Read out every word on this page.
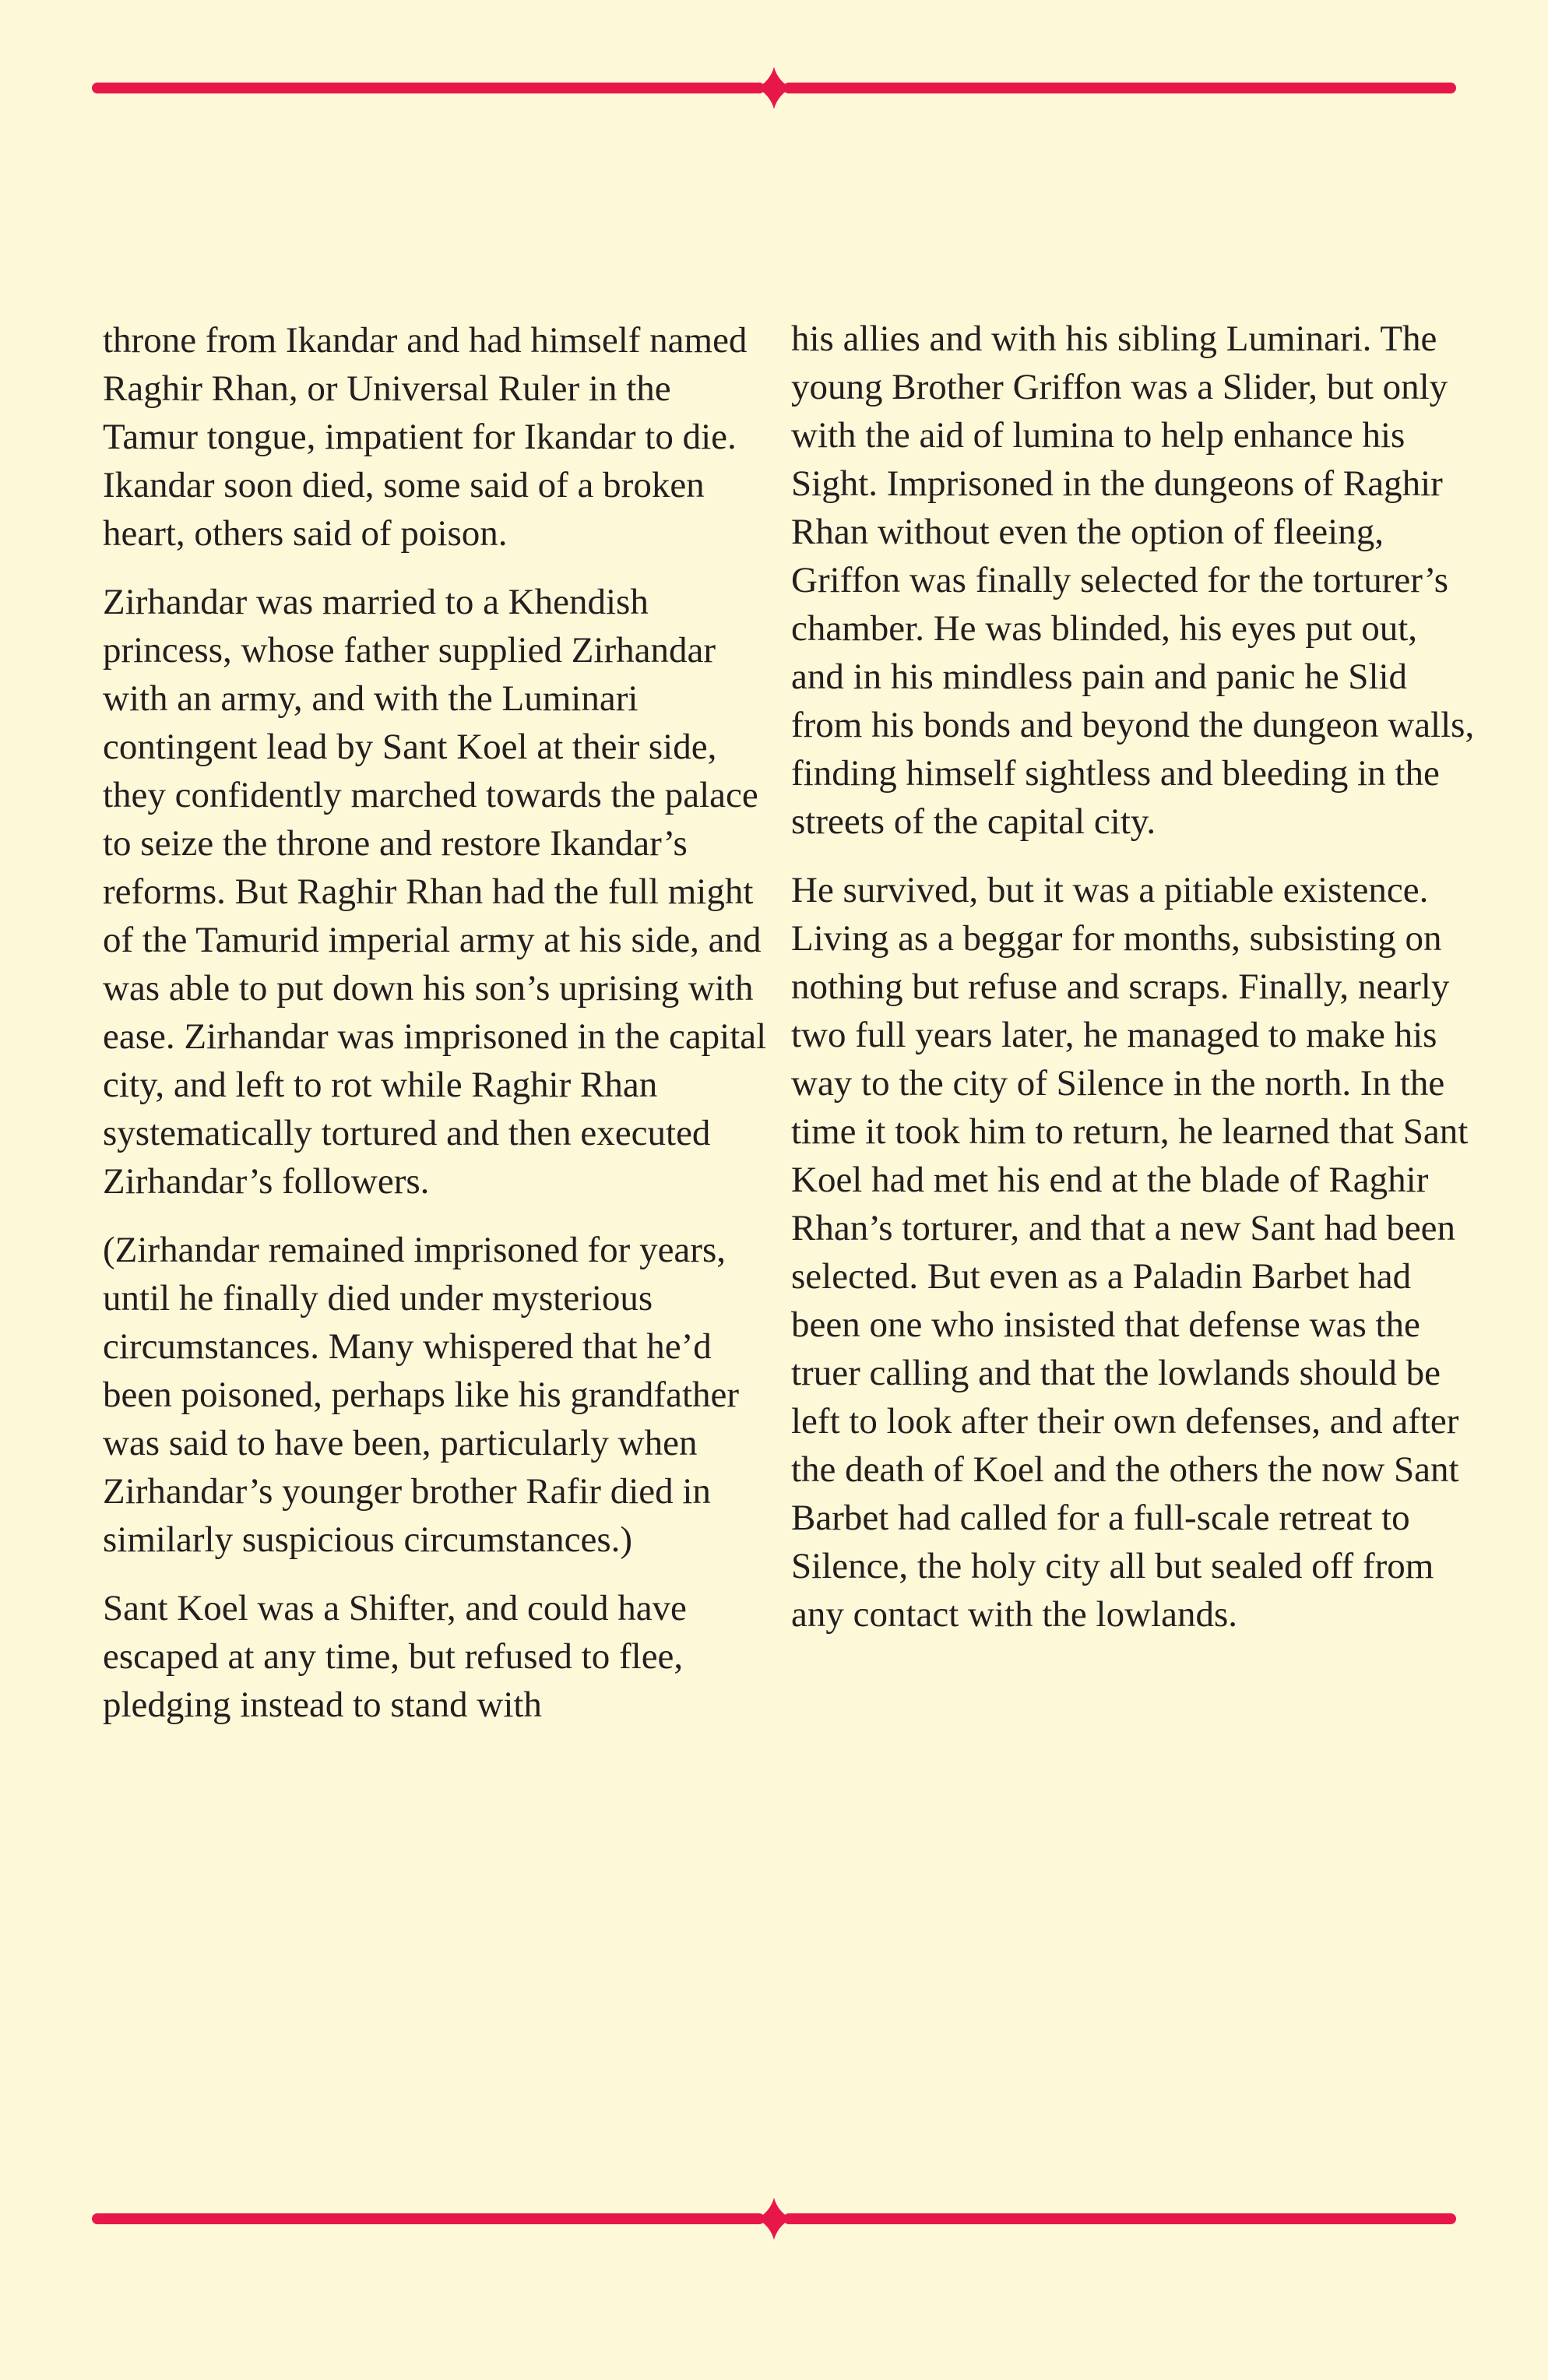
throne from Ikandar and had himself named Raghir Rhan, or Universal Ruler in the Tamur tongue, impatient for Ikandar to die. Ikandar soon died, some said of a broken heart, others said of poison.

Zirhandar was married to a Khendish princess, whose father supplied Zirhandar with an army, and with the Luminari contingent lead by Sant Koel at their side, they confidently marched towards the palace to seize the throne and restore Ikandar’s reforms. But Raghir Rhan had the full might of the Tamurid imperial army at his side, and was able to put down his son’s uprising with ease. Zirhandar was imprisoned in the capital city, and left to rot while Raghir Rhan systematically tortured and then executed Zirhandar’s followers.

(Zirhandar remained imprisoned for years, until he finally died under mysterious circumstances. Many whispered that he’d been poisoned, perhaps like his grandfather was said to have been, particularly when Zirhandar’s younger brother Rafir died in similarly suspicious circumstances.)

Sant Koel was a Shifter, and could have escaped at any time, but refused to flee, pledging instead to stand with

his allies and with his sibling Luminari. The young Brother Griffon was a Slider, but only with the aid of lumina to help enhance his Sight. Imprisoned in the dungeons of Raghir Rhan without even the option of fleeing, Griffon was finally selected for the torturer’s chamber. He was blinded, his eyes put out, and in his mindless pain and panic he Slid from his bonds and beyond the dungeon walls, finding himself sightless and bleeding in the streets of the capital city.

He survived, but it was a pitiable existence. Living as a beggar for months, subsisting on nothing but refuse and scraps. Finally, nearly two full years later, he managed to make his way to the city of Silence in the north. In the time it took him to return, he learned that Sant Koel had met his end at the blade of Raghir Rhan’s torturer, and that a new Sant had been selected. But even as a Paladin Barbet had been one who insisted that defense was the truer calling and that the lowlands should be left to look after their own defenses, and after the death of Koel and the others the now Sant Barbet had called for a full-scale retreat to Silence, the holy city all but sealed off from any contact with the lowlands.
